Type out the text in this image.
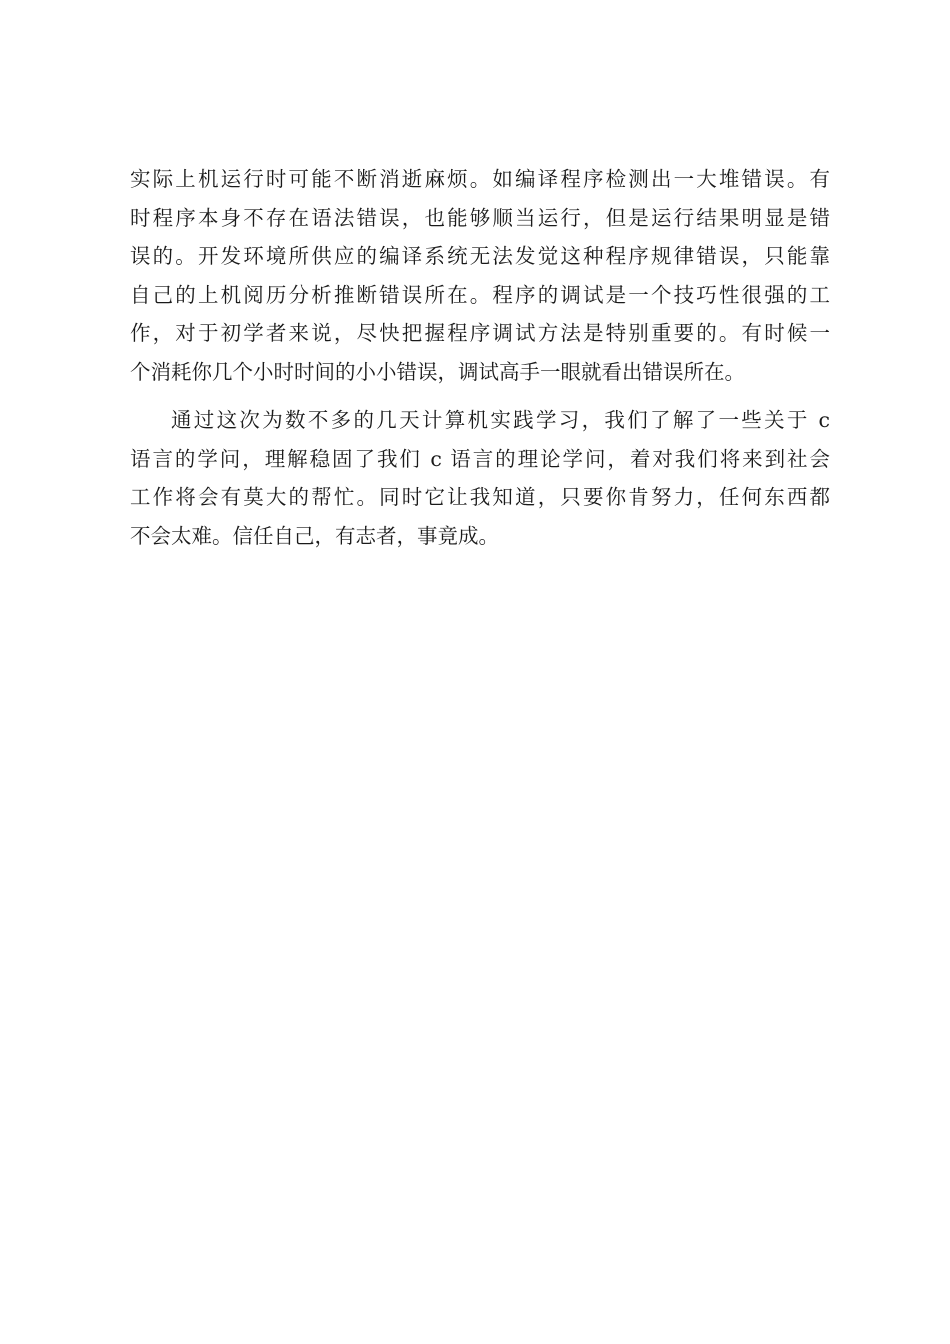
实际上机运行时可能不断消逝麻烦。如编译程序检测出一大堆错误。有
时程序本身不存在语法错误，也能够顺当运行，但是运行结果明显是错
误的。开发环境所供应的编译系统无法发觉这种程序规律错误，只能靠
自己的上机阅历分析推断错误所在。程序的调试是一个技巧性很强的工
作，对于初学者来说，尽快把握程序调试方法是特别重要的。有时候一
个消耗你几个小时时间的小小错误，调试高手一眼就看出错误所在。
通过这次为数不多的几天计算机实践学习，我们了解了一些关于 c
语言的学问，理解稳固了我们 c 语言的理论学问，着对我们将来到社会
工作将会有莫大的帮忙。同时它让我知道，只要你肯努力，任何东西都
不会太难。信任自己，有志者，事竟成。
